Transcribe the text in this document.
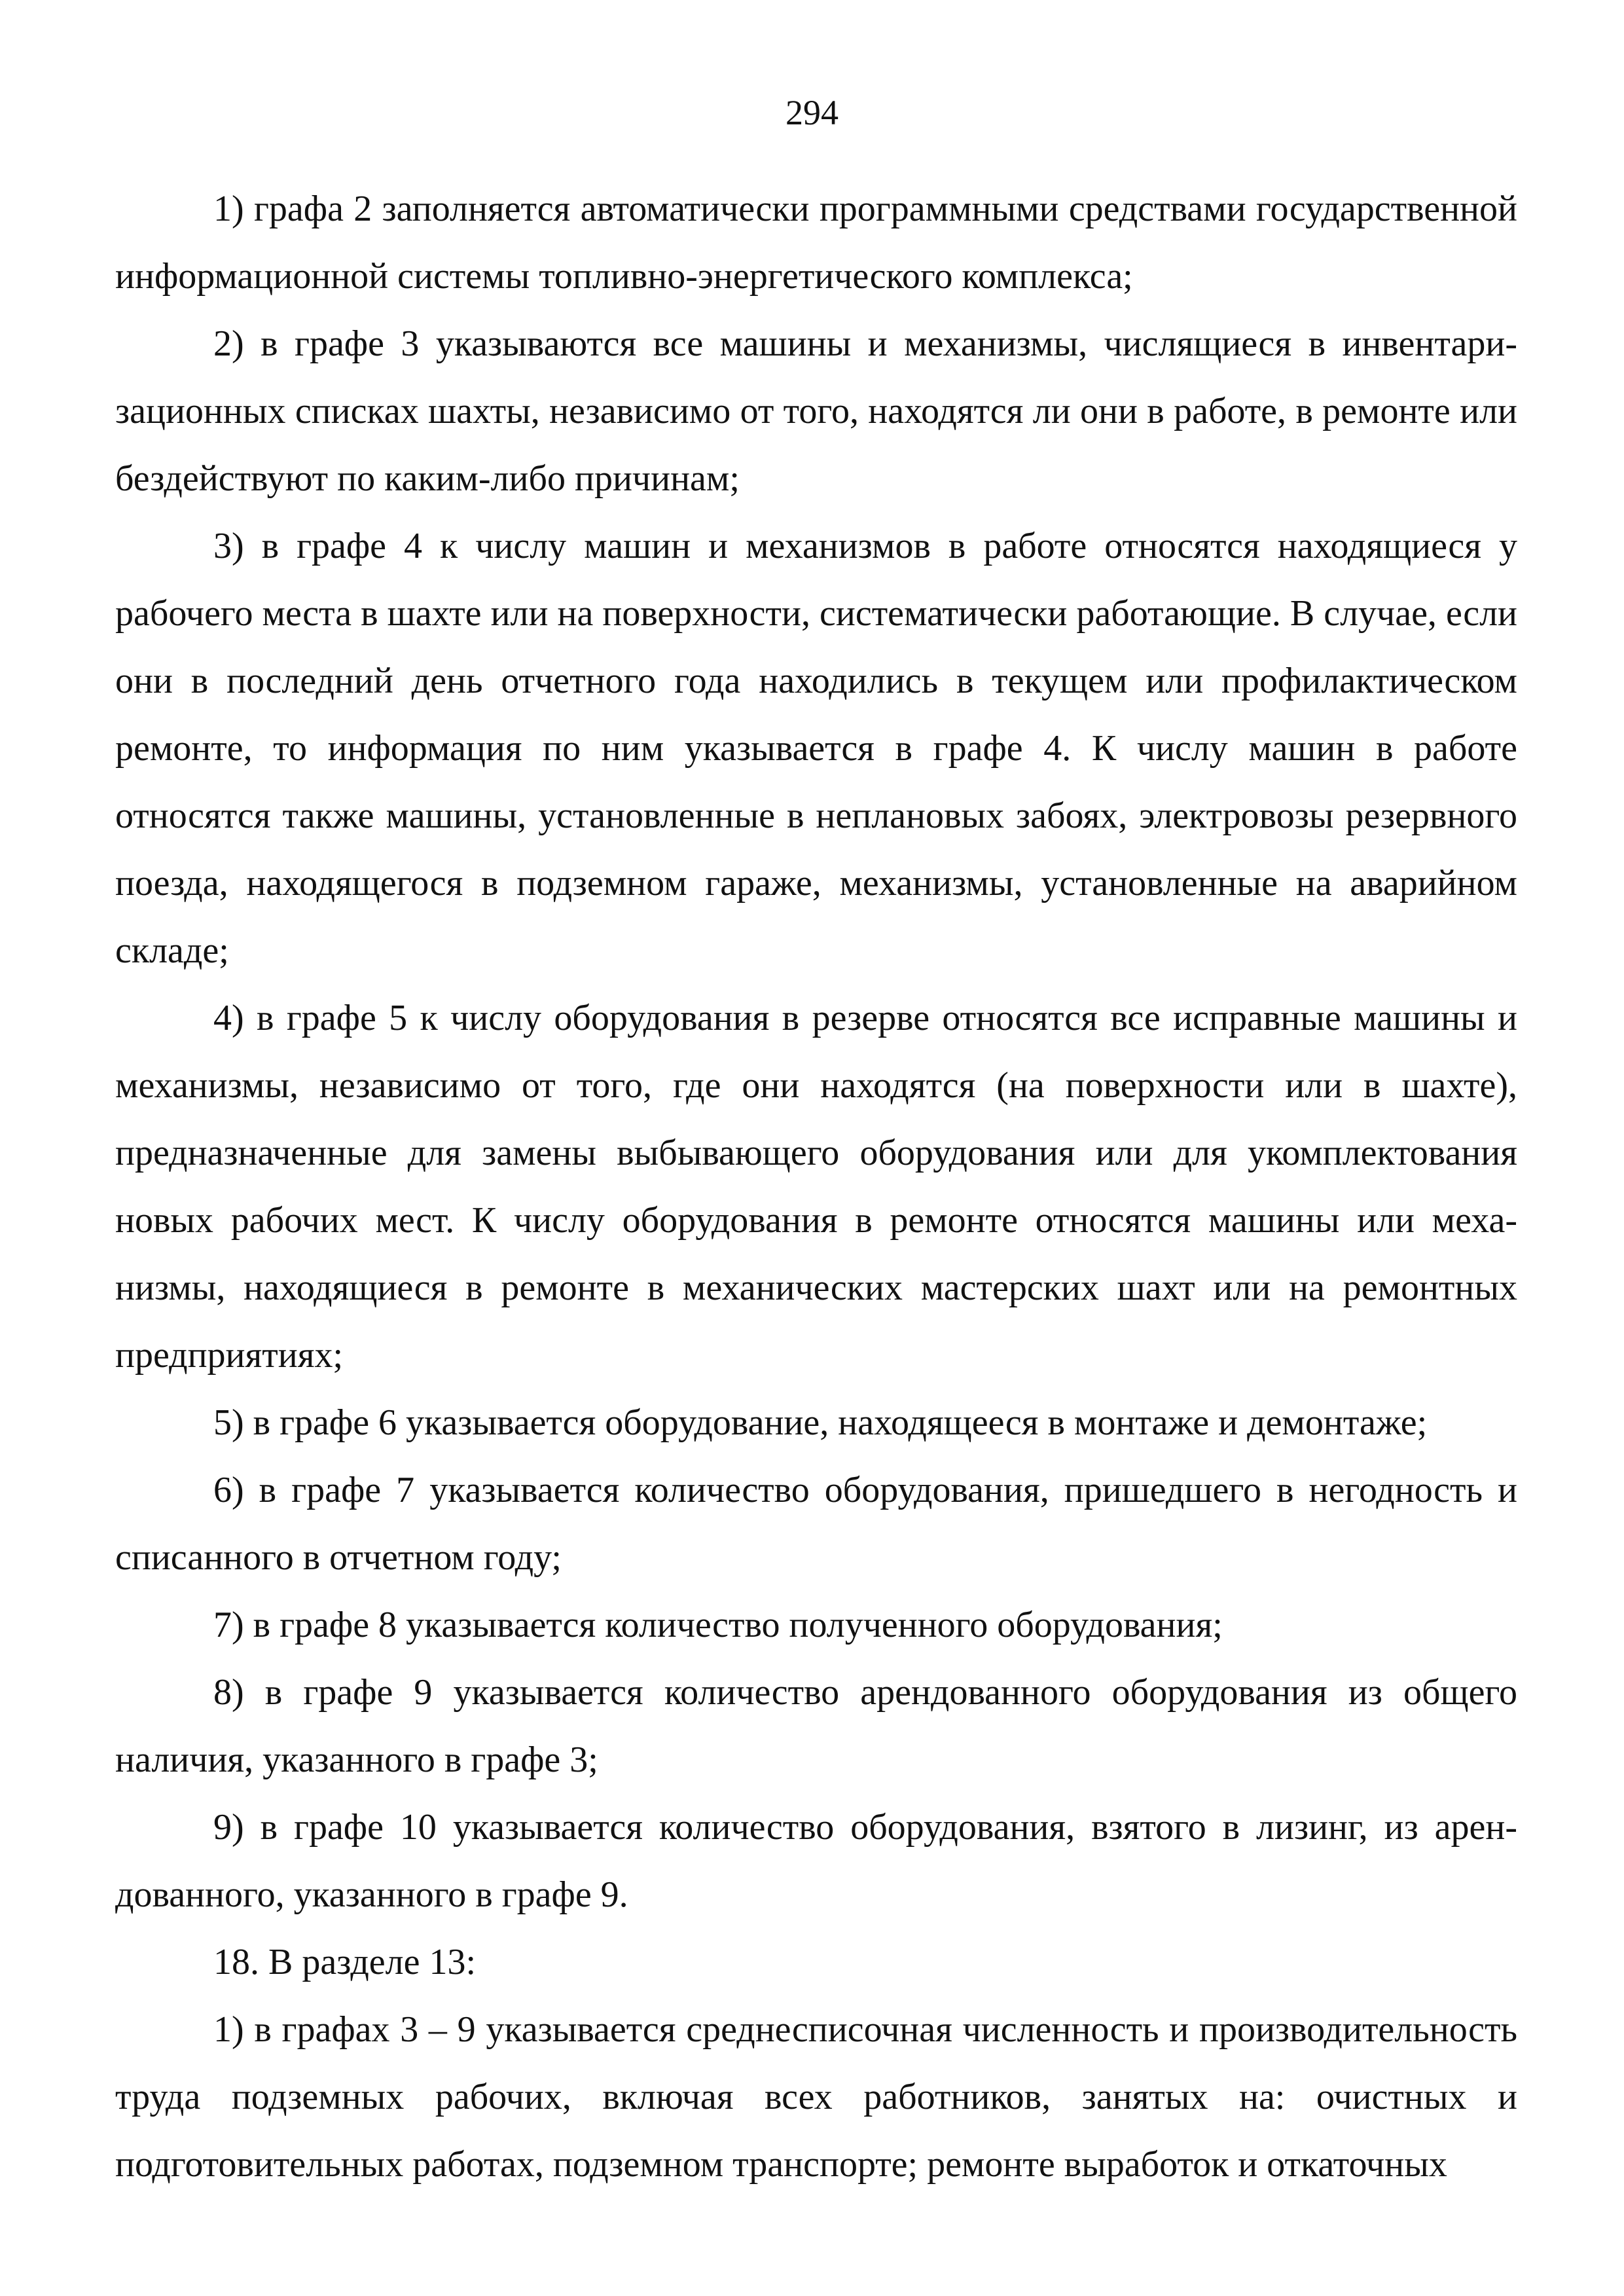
294

1) графа 2 заполняется автоматически программными средствами государственной информационной системы топливно-энергетического комплекса;

2) в графе 3 указываются все машины и механизмы, числящиеся в инвентаризационных списках шахты, независимо от того, находятся ли они в работе, в ремонте или бездействуют по каким-либо причинам;

3) в графе 4 к числу машин и механизмов в работе относятся находящиеся у рабочего места в шахте или на поверхности, систематически работающие. В случае, если они в последний день отчетного года находились в текущем или профилактическом ремонте, то информация по ним указывается в графе 4. К числу машин в работе относятся также машины, установленные в неплановых забоях, электровозы резервного поезда, находящегося в подземном гараже, механизмы, установленные на аварийном складе;

4) в графе 5 к числу оборудования в резерве относятся все исправные машины и механизмы, независимо от того, где они находятся (на поверхности или в шахте), предназначенные для замены выбывающего оборудования или для укомплектования новых рабочих мест. К числу оборудования в ремонте относятся машины или механизмы, находящиеся в ремонте в механических мастерских шахт или на ремонтных предприятиях;

5) в графе 6 указывается оборудование, находящееся в монтаже и демонтаже;

6) в графе 7 указывается количество оборудования, пришедшего в негодность и списанного в отчетном году;

7) в графе 8 указывается количество полученного оборудования;

8) в графе 9 указывается количество арендованного оборудования из общего наличия, указанного в графе 3;

9) в графе 10 указывается количество оборудования, взятого в лизинг, из арендованного, указанного в графе 9.

18. В разделе 13:

1) в графах 3 – 9 указывается среднесписочная численность и производительность труда подземных рабочих, включая всех работников, занятых на: очистных и подготовительных работах, подземном транспорте; ремонте выработок и откаточных
